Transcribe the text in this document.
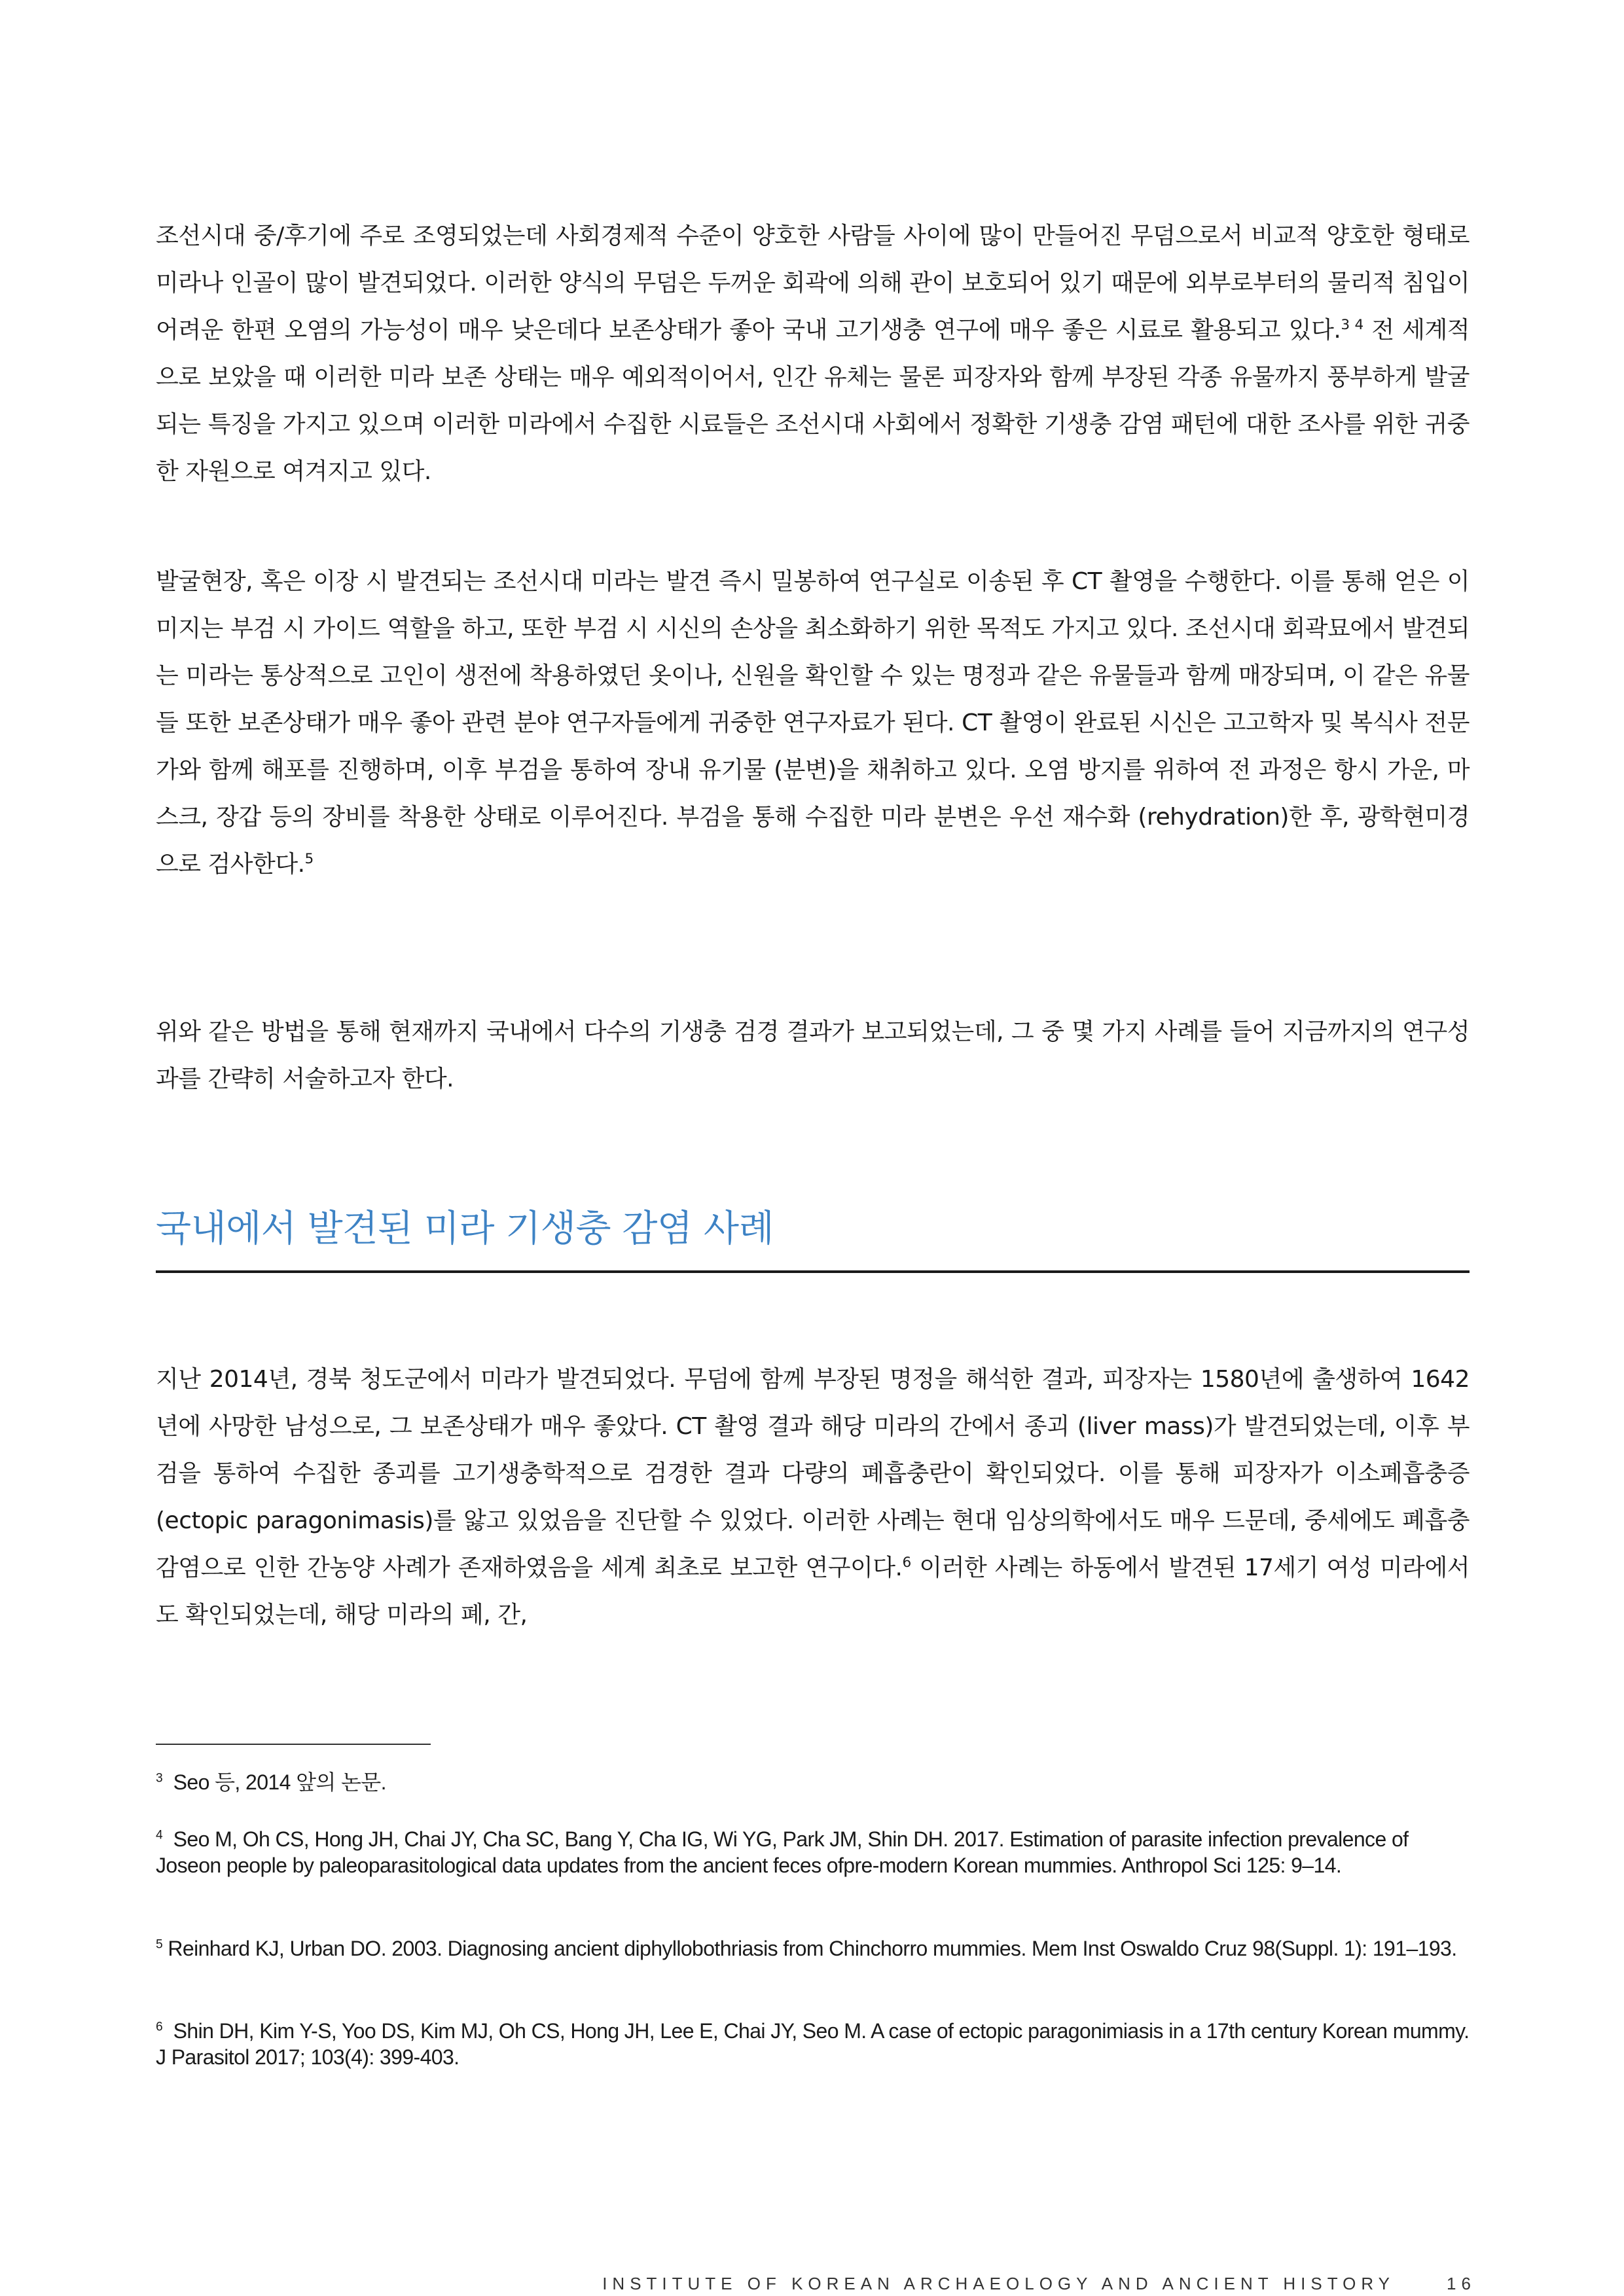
조선시대 중/후기에 주로 조영되었는데 사회경제적 수준이 양호한 사람들 사이에 많이 만들어진 무덤으로서 비교적 양호한 형태로 미라나 인골이 많이 발견되었다. 이러한 양식의 무덤은 두꺼운 회곽에 의해 관이 보호되어 있기 때문에 외부로부터의 물리적 침입이 어려운 한편 오염의 가능성이 매우 낮은데다 보존상태가 좋아 국내 고기생충 연구에 매우 좋은 시료로 활용되고 있다.$^{3 4}$ 전 세계적으로 보았을 때 이러한 미라 보존 상태는 매우 예외적이어서, 인간 유체는 물론 피장자와 함께 부장된 각종 유물까지 풍부하게 발굴되는 특징을 가지고 있으며 이러한 미라에서 수집한 시료들은 조선시대 사회에서 정확한 기생충 감염 패턴에 대한 조사를 위한 귀중한 자원으로 여겨지고 있다.

발굴현장, 혹은 이장 시 발견되는 조선시대 미라는 발견 즉시 밀봉하여 연구실로 이송된 후 CT 촬영을 수행한다. 이를 통해 얻은 이미지는 부검 시 가이드 역할을 하고, 또한 부검 시 시신의 손상을 최소화하기 위한 목적도 가지고 있다. 조선시대 회곽묘에서 발견되는 미라는 통상적으로 고인이 생전에 착용하였던 옷이나, 신원을 확인할 수 있는 명정과 같은 유물들과 함께 매장되며, 이 같은 유물들 또한 보존상태가 매우 좋아 관련 분야 연구자들에게 귀중한 연구자료가 된다. CT 촬영이 완료된 시신은 고고학자 및 복식사 전문가와 함께 해포를 진행하며, 이후 부검을 통하여 장내 유기물 (분변)을 채취하고 있다. 오염 방지를 위하여 전 과정은 항시 가운, 마스크, 장갑 등의 장비를 착용한 상태로 이루어진다. 부검을 통해 수집한 미라 분변은 우선 재수화 (rehydration)한 후, 광학현미경으로 검사한다.$^5$

위와 같은 방법을 통해 현재까지 국내에서 다수의 기생충 검경 결과가 보고되었는데, 그 중 몇 가지 사례를 들어 지금까지의 연구성과를 간략히 서술하고자 한다.

국내에서 발견된 미라 기생충 감염 사례

지난 2014년, 경북 청도군에서 미라가 발견되었다. 무덤에 함께 부장된 명정을 해석한 결과, 피장자는 1580년에 출생하여 1642년에 사망한 남성으로, 그 보존상태가 매우 좋았다. CT 촬영 결과 해당 미라의 간에서 종괴 (liver mass)가 발견되었는데, 이후 부검을 통하여 수집한 종괴를 고기생충학적으로 검경한 결과 다량의 폐흡충란이 확인되었다. 이를 통해 피장자가 이소폐흡충증 (ectopic paragonimasis)를 앓고 있었음을 진단할 수 있었다. 이러한 사례는 현대 임상의학에서도 매우 드문데, 중세에도 폐흡충 감염으로 인한 간농양 사례가 존재하였음을 세계 최초로 보고한 연구이다.$^6$ 이러한 사례는 하동에서 발견된 17세기 여성 미라에서도 확인되었는데, 해당 미라의 폐, 간,

$^3$ Seo 등, 2014 앞의 논문.

$^4$ Seo M, Oh CS, Hong JH, Chai JY, Cha SC, Bang Y, Cha IG, Wi YG, Park JM, Shin DH. 2017. Estimation of parasite infection prevalence of Joseon people by paleoparasitological data updates from the ancient feces ofpre-modern Korean mummies. Anthropol Sci 125: 9–14.

$^5$ Reinhard KJ, Urban DO. 2003. Diagnosing ancient diphyllobothriasis from Chinchorro mummies. Mem Inst Oswaldo Cruz 98(Suppl. 1): 191–193.

$^6$ Shin DH, Kim Y-S, Yoo DS, Kim MJ, Oh CS, Hong JH, Lee E, Chai JY, Seo M. A case of ectopic paragonimiasis in a 17th century Korean mummy. J Parasitol 2017; 103(4): 399-403.

INSTITUTE OF KOREAN ARCHAEOLOGY AND ANCIENT HISTORY	16
